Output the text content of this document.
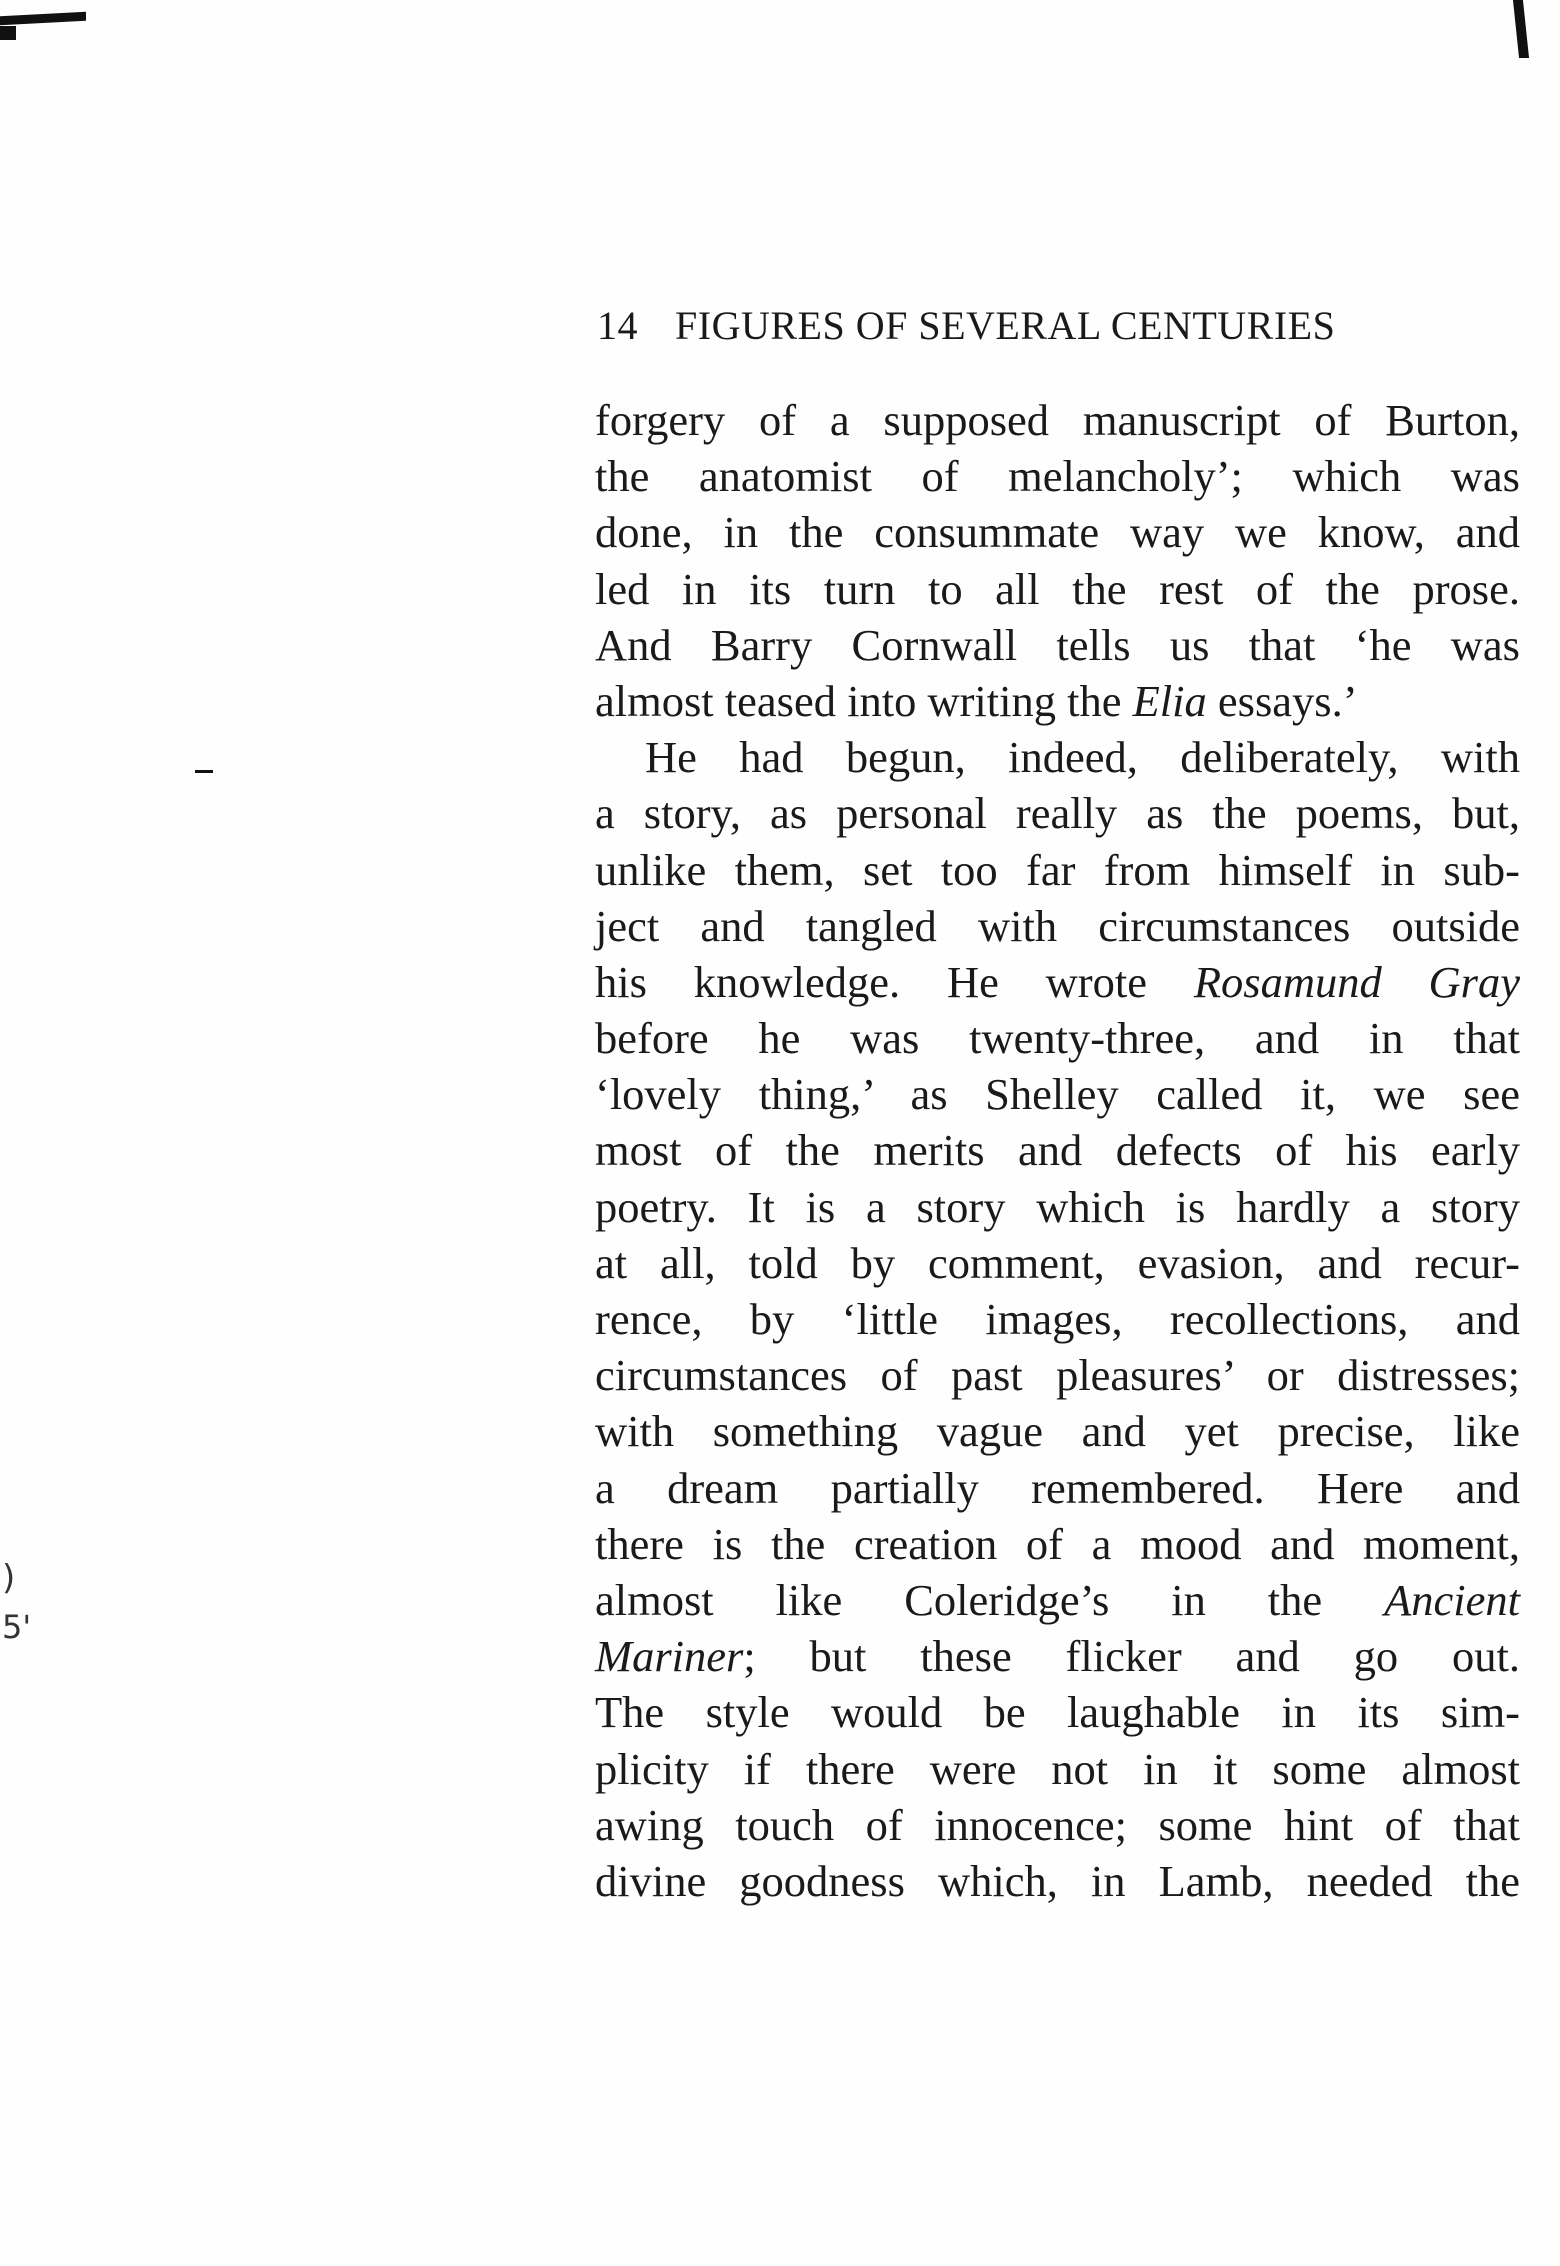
)
5'
14 FIGURES OF SEVERAL CENTURIES
forgery of a supposed manuscript of Burton,
the anatomist of melancholy’; which was
done, in the consummate way we know, and
led in its turn to all the rest of the prose.
And Barry Cornwall tells us that ‘he was
almost teased into writing the Elia essays.’
He had begun, indeed, deliberately, with
a story, as personal really as the poems, but,
unlike them, set too far from himself in sub-
ject and tangled with circumstances outside
his knowledge. He wrote Rosamund Gray
before he was twenty-three, and in that
‘lovely thing,’ as Shelley called it, we see
most of the merits and defects of his early
poetry. It is a story which is hardly a story
at all, told by comment, evasion, and recur-
rence, by ‘little images, recollections, and
circumstances of past pleasures’ or distresses;
with something vague and yet precise, like
a dream partially remembered. Here and
there is the creation of a mood and moment,
almost like Coleridge’s in the Ancient
Mariner; but these flicker and go out.
The style would be laughable in its sim-
plicity if there were not in it some almost
awing touch of innocence; some hint of that
divine goodness which, in Lamb, needed the
